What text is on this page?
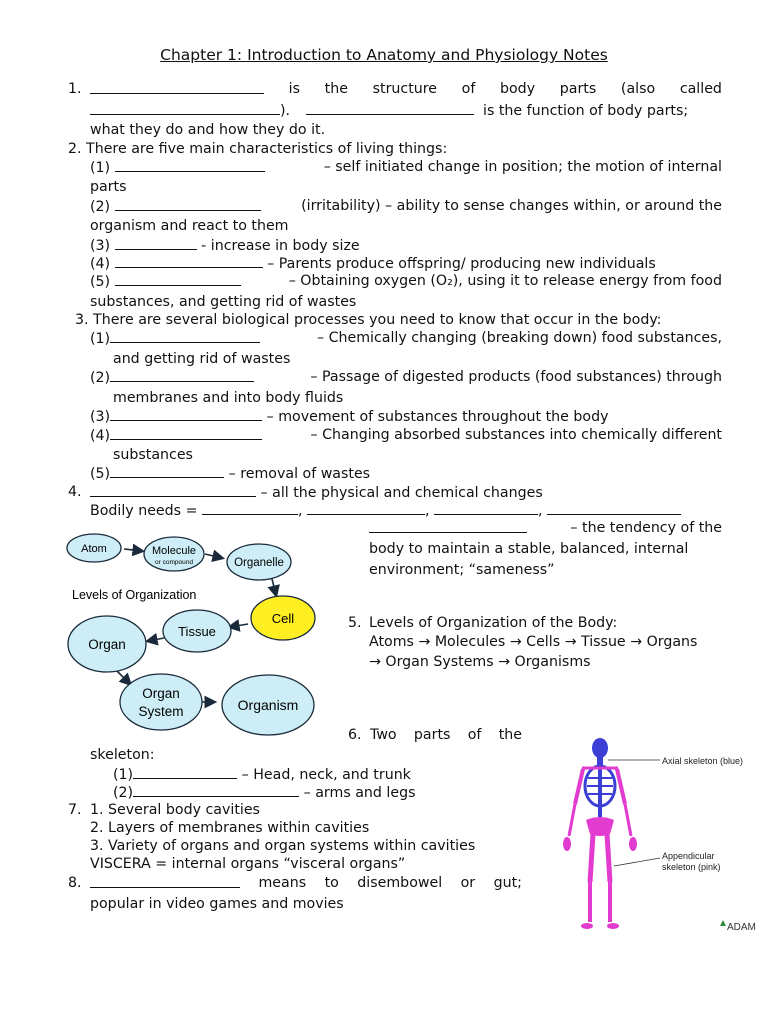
Chapter 1: Introduction to Anatomy and Physiology Notes
1.	is the structure of body parts (also called
).	is the function of body parts;
what they do and how they do it.
2. There are five main characteristics of living things:
(1)	– self initiated change in position; the motion of internal
parts
(2)	(irritability) – ability to sense changes within, or around the
organism and react to them
(3)	- increase in body size
(4)	– Parents produce offspring/ producing new individuals
(5)	– Obtaining oxygen (O₂), using it to release energy from food
substances, and getting rid of wastes
3. There are several biological processes you need to know that occur in the body:
(1)	– Chemically changing (breaking down) food substances,
and getting rid of wastes
(2)	– Passage of digested products (food substances) through
membranes and into body fluids
(3)	– movement of substances throughout the body
(4)	– Changing absorbed substances into chemically different
substances
(5)	– removal of wastes
4.	– all the physical and chemical changes
Bodily needs =	,	,	,
– the tendency of the
body to maintain a stable, balanced, internal
environment; “sameness”
Atom	Molecule
or compound	Organelle
Levels of Organization
Cell
Tissue
Organ
Organ
System	Organism
5. Levels of Organization of the Body:
Atoms → Molecules → Cells → Tissue → Organs
→ Organ Systems → Organisms
6. Two parts of the
skeleton:
(1)	– Head, neck, and trunk
(2)	– arms and legs
Axial skeleton (blue)
Appendicular
skeleton (pink)
ADAM
7. 1. Several body cavities
2. Layers of membranes within cavities
3. Variety of organs and organ systems within cavities
VISCERA = internal organs “visceral organs”
8.	means to disembowel or gut;
popular in video games and movies
